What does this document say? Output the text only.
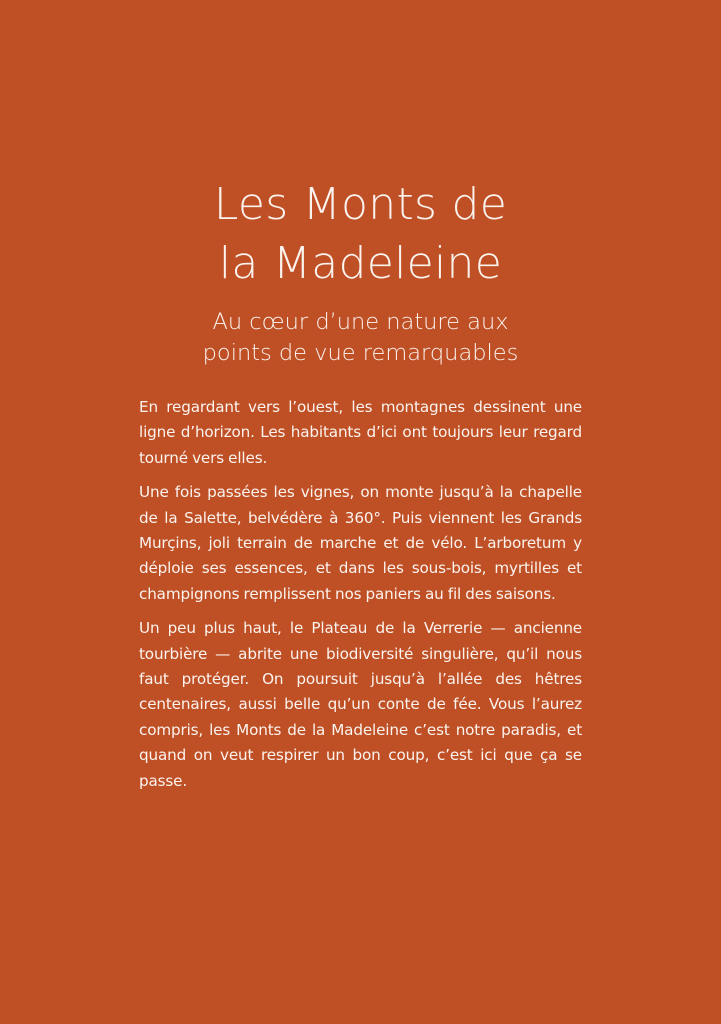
Les Monts de
la Madeleine
Au cœur d’une nature aux
points de vue remarquables

En regardant vers l’ouest, les montagnes dessinent une ligne d’horizon. Les habitants d’ici ont toujours leur regard tourné vers elles.

Une fois passées les vignes, on monte jusqu’à la chapelle de la Salette, belvédère à 360°. Puis viennent les Grands Murçins, joli terrain de marche et de vélo. L’arboretum y déploie ses essences, et dans les sous-bois, myrtilles et champignons remplissent nos paniers au fil des saisons.

Un peu plus haut, le Plateau de la Verrerie — ancienne tourbière — abrite une biodiversité singulière, qu’il nous faut protéger. On poursuit jusqu’à l’allée des hêtres centenaires, aussi belle qu’un conte de fée. Vous l’aurez compris, les Monts de la Madeleine c’est notre paradis, et quand on veut respirer un bon coup, c’est ici que ça se passe.
